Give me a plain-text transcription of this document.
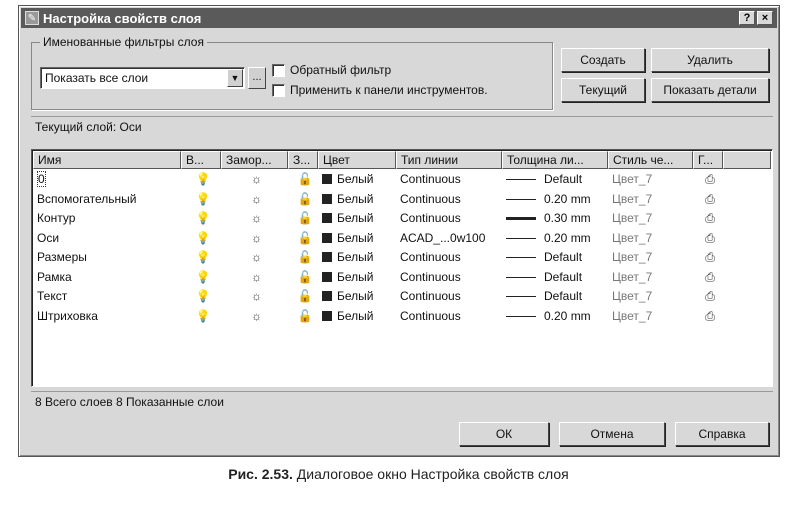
✎ Настройка свойств слоя	?	×
Именованные фильтры слоя
Показать все слои	▼	...	Обратный фильтр
Применить к панели инструментов.
Создать	Удалить
Текущий	Показать детали
Текущий слой: Оси
Имя	В...	Замор...	З...	Цвет	Тип линии	Толщина ли...	Стиль че...	Г...
0	💡	☼	🔓	Белый	Continuous	Default	Цвет_7	⎙
Вспомогательный	💡	☼	🔓	Белый	Continuous	0.20 mm	Цвет_7	⎙
Контур	💡	☼	🔓	Белый	Continuous	0.30 mm	Цвет_7	⎙
Оси	💡	☼	🔓	Белый	ACAD_...0w100	0.20 mm	Цвет_7	⎙
Размеры	💡	☼	🔓	Белый	Continuous	Default	Цвет_7	⎙
Рамка	💡	☼	🔓	Белый	Continuous	Default	Цвет_7	⎙
Текст	💡	☼	🔓	Белый	Continuous	Default	Цвет_7	⎙
Штриховка	💡	☼	🔓	Белый	Continuous	0.20 mm	Цвет_7	⎙
8 Всего слоев 8 Показанные слои
ОК	Отмена	Справка
Рис. 2.53. Диалоговое окно Настройка свойств слоя
